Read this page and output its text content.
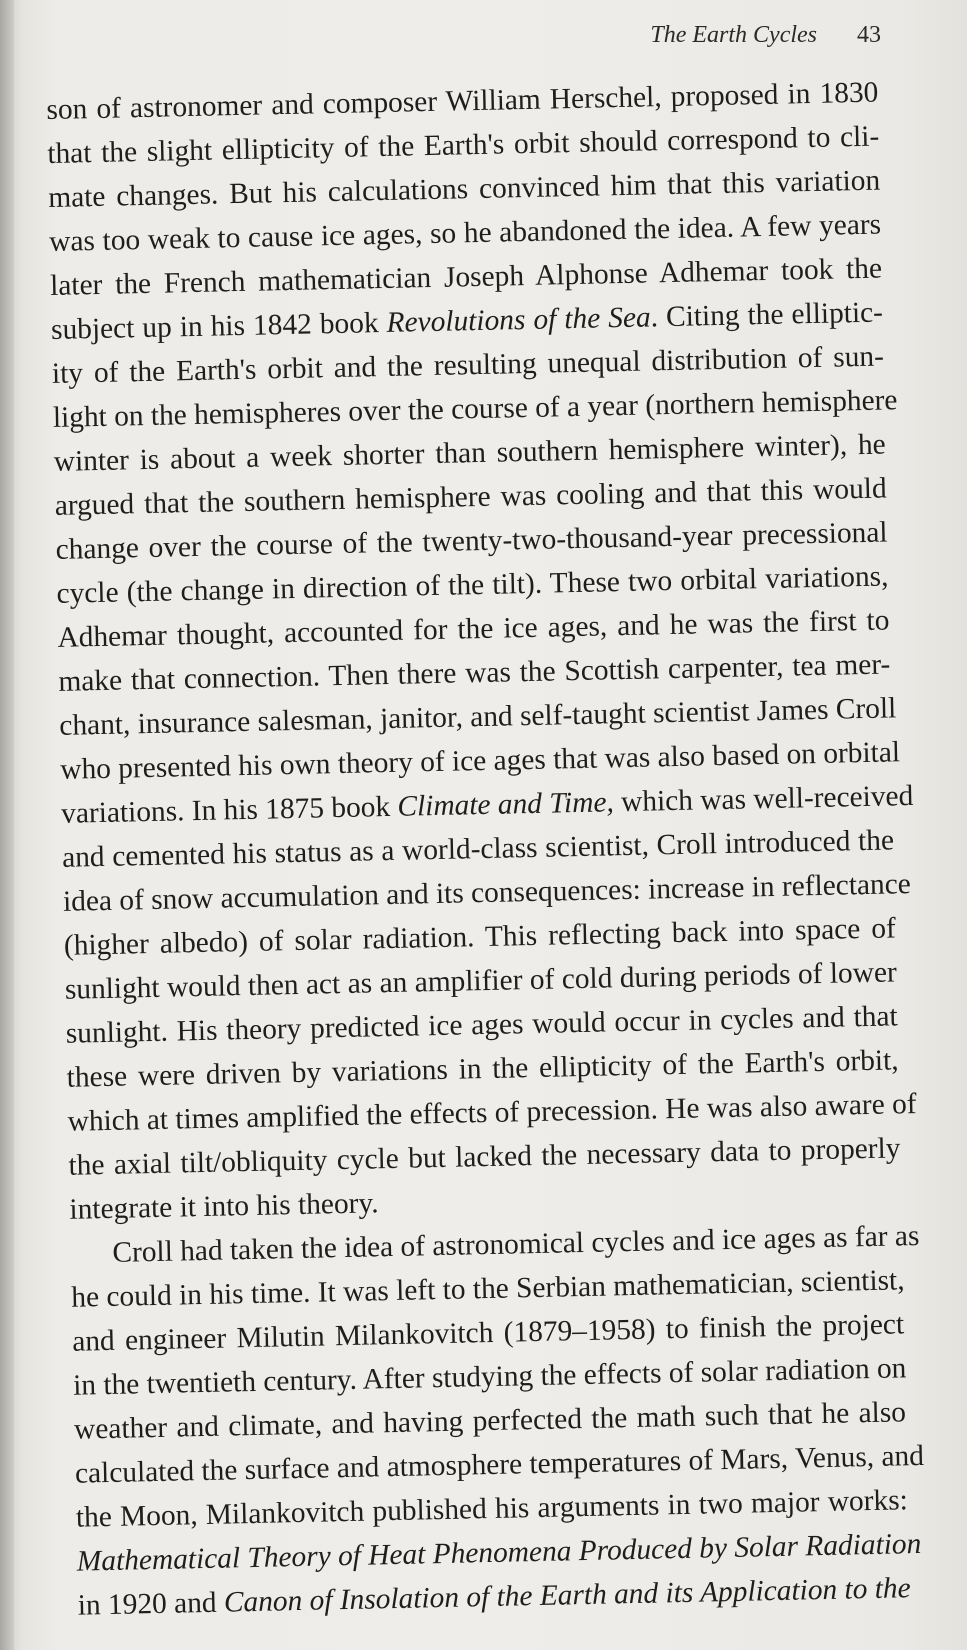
The Earth Cycles 43
son of astronomer and composer William Herschel, proposed in 1830
that the slight ellipticity of the Earth's orbit should correspond to cli-
mate changes. But his calculations convinced him that this variation
was too weak to cause ice ages, so he abandoned the idea. A few years
later the French mathematician Joseph Alphonse Adhemar took the
subject up in his 1842 book Revolutions of the Sea. Citing the elliptic-
ity of the Earth's orbit and the resulting unequal distribution of sun-
light on the hemispheres over the course of a year (northern hemisphere
winter is about a week shorter than southern hemisphere winter), he
argued that the southern hemisphere was cooling and that this would
change over the course of the twenty-two-thousand-year precessional
cycle (the change in direction of the tilt). These two orbital variations,
Adhemar thought, accounted for the ice ages, and he was the first to
make that connection. Then there was the Scottish carpenter, tea mer-
chant, insurance salesman, janitor, and self-taught scientist James Croll
who presented his own theory of ice ages that was also based on orbital
variations. In his 1875 book Climate and Time, which was well-received
and cemented his status as a world-class scientist, Croll introduced the
idea of snow accumulation and its consequences: increase in reflectance
(higher albedo) of solar radiation. This reflecting back into space of
sunlight would then act as an amplifier of cold during periods of lower
sunlight. His theory predicted ice ages would occur in cycles and that
these were driven by variations in the ellipticity of the Earth's orbit,
which at times amplified the effects of precession. He was also aware of
the axial tilt/obliquity cycle but lacked the necessary data to properly
integrate it into his theory.
Croll had taken the idea of astronomical cycles and ice ages as far as
he could in his time. It was left to the Serbian mathematician, scientist,
and engineer Milutin Milankovitch (1879–1958) to finish the project
in the twentieth century. After studying the effects of solar radiation on
weather and climate, and having perfected the math such that he also
calculated the surface and atmosphere temperatures of Mars, Venus, and
the Moon, Milankovitch published his arguments in two major works:
Mathematical Theory of Heat Phenomena Produced by Solar Radiation
in 1920 and Canon of Insolation of the Earth and its Application to the
